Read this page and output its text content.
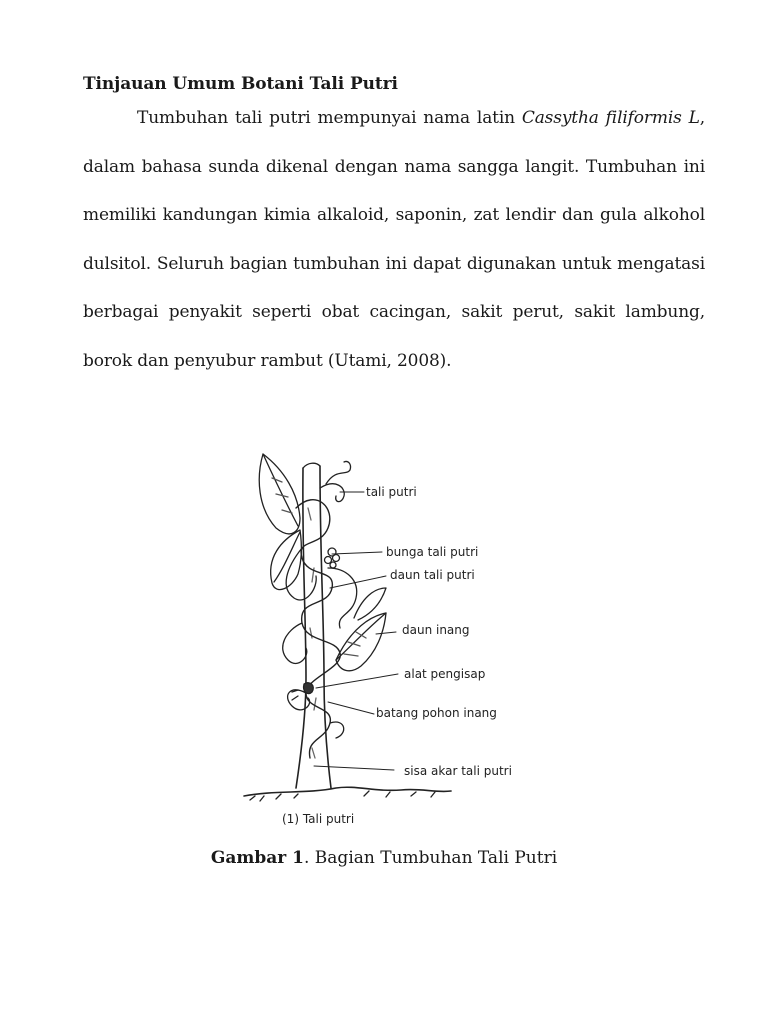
Tinjauan Umum Botani Tali Putri
Tumbuhan tali putri mempunyai nama latin Cassytha filiformis L, dalam bahasa sunda dikenal dengan nama sangga langit. Tumbuhan ini memiliki kandungan kimia alkaloid, saponin, zat lendir dan gula alkohol dulsitol. Seluruh bagian tumbuhan ini dapat digunakan untuk mengatasi berbagai penyakit seperti obat cacingan, sakit perut, sakit lambung, borok dan penyubur rambut (Utami, 2008).
tali putri
bunga tali putri
daun tali putri
daun inang
alat pengisap
batang pohon inang
sisa akar tali putri
(1) Tali putri
Gambar 1. Bagian Tumbuhan Tali Putri
